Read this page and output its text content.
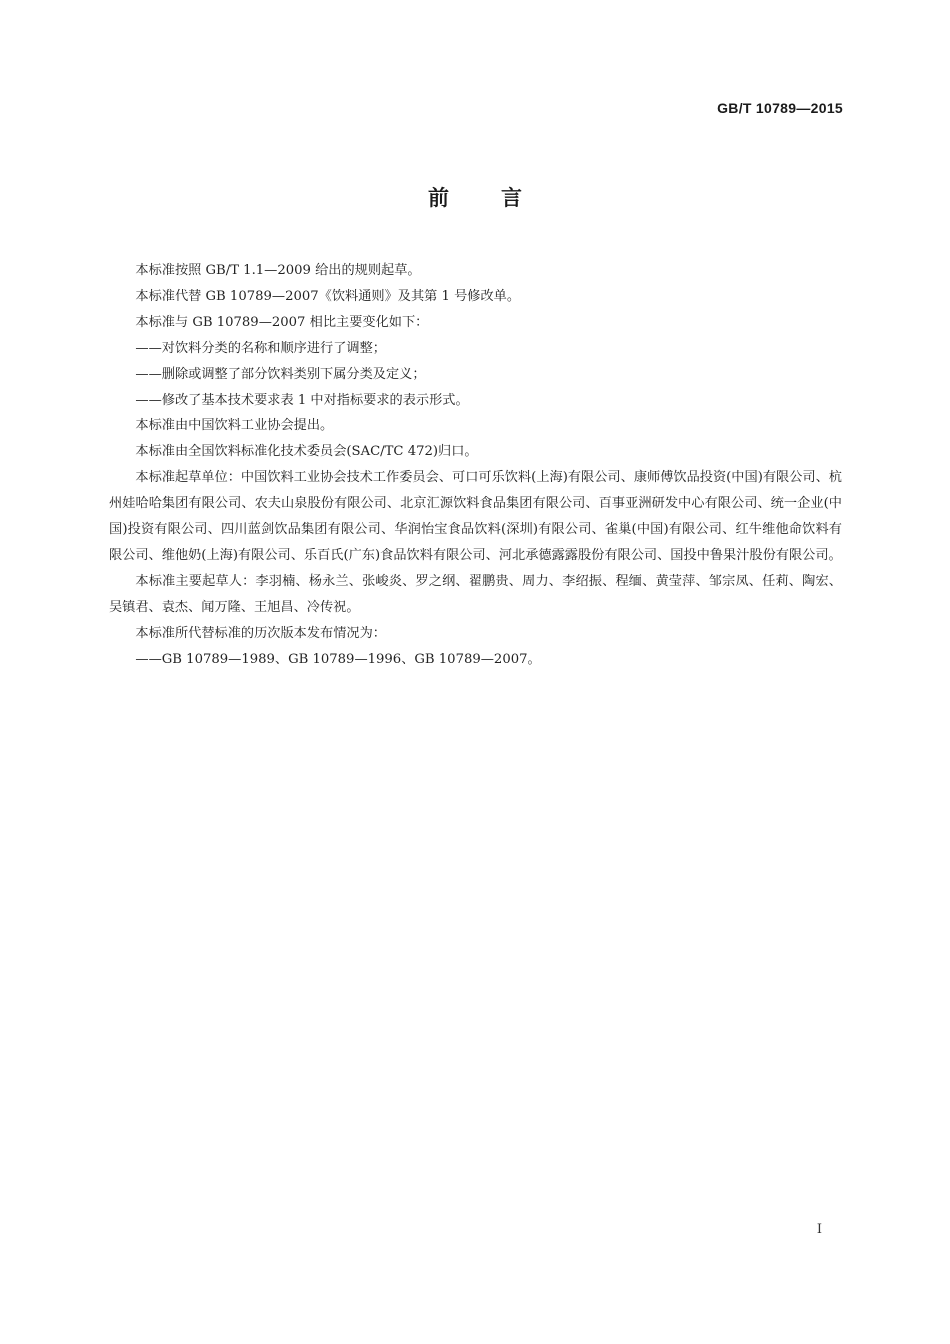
GB/T 10789—2015
前言

本标准按照 GB/T 1.1—2009 给出的规则起草。

本标准代替 GB 10789—2007《饮料通则》及其第 1 号修改单。

本标准与 GB 10789—2007 相比主要变化如下：

——对饮料分类的名称和顺序进行了调整；

——删除或调整了部分饮料类别下属分类及定义；

——修改了基本技术要求表 1 中对指标要求的表示形式。

本标准由中国饮料工业协会提出。

本标准由全国饮料标准化技术委员会(SAC/TC 472)归口。

本标准起草单位：中国饮料工业协会技术工作委员会、可口可乐饮料(上海)有限公司、康师傅饮品投资(中国)有限公司、杭州娃哈哈集团有限公司、农夫山泉股份有限公司、北京汇源饮料食品集团有限公司、百事亚洲研发中心有限公司、统一企业(中国)投资有限公司、四川蓝剑饮品集团有限公司、华润怡宝食品饮料(深圳)有限公司、雀巢(中国)有限公司、红牛维他命饮料有限公司、维他奶(上海)有限公司、乐百氏(广东)食品饮料有限公司、河北承德露露股份有限公司、国投中鲁果汁股份有限公司。

本标准主要起草人：李羽楠、杨永兰、张峻炎、罗之纲、翟鹏贵、周力、李绍振、程缅、黄莹萍、邹宗凤、任莉、陶宏、吴镇君、袁杰、闻万隆、王旭昌、冷传祝。

本标准所代替标准的历次版本发布情况为：

——GB 10789—1989、GB 10789—1996、GB 10789—2007。

I
